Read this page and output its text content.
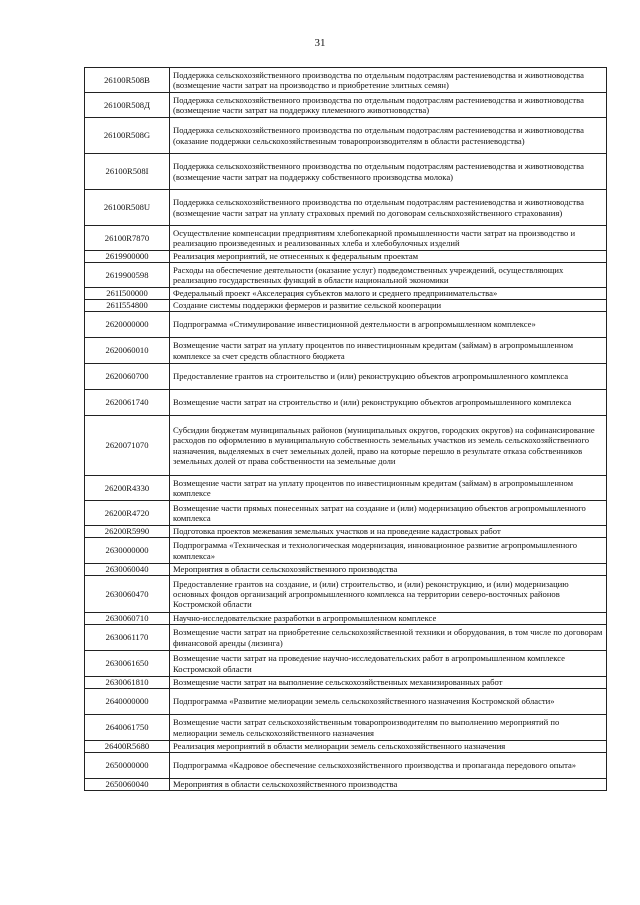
31
26100R508В	Поддержка сельскохозяйственного производства по отдельным подотраслям растениеводства и животноводства (возмещение части затрат на производство и приобретение элитных семян)
26100R508Д	Поддержка сельскохозяйственного производства по отдельным подотраслям растениеводства и животноводства (возмещение части затрат на поддержку племенного животноводства)
26100R508G	Поддержка сельскохозяйственного производства по отдельным подотраслям растениеводства и животноводства (оказание поддержки сельскохозяйственным товаропроизводителям в области растениеводства)
26100R508I	Поддержка сельскохозяйственного производства по отдельным подотраслям растениеводства и животноводства (возмещение части затрат на поддержку собственного производства молока)
26100R508U	Поддержка сельскохозяйственного производства по отдельным подотраслям растениеводства и животноводства (возмещение части затрат на уплату страховых премий по договорам сельскохозяйственного страхования)
26100R7870	Осуществление компенсации предприятиям хлебопекарной промышленности части затрат на производство и реализацию произведенных и реализованных хлеба и хлебобулочных изделий
2619900000	Реализация мероприятий, не отнесенных к федеральным проектам
2619900598	Расходы на обеспечение деятельности (оказание услуг) подведомственных учреждений, осуществляющих реализацию государственных функций в области национальной экономики
261I500000	Федеральный проект «Акселерация субъектов малого и среднего предпринимательства»
261I554800	Создание системы поддержки фермеров и развитие сельской кооперации
2620000000	Подпрограмма «Стимулирование инвестиционной деятельности в агропромышленном комплексе»
2620060010	Возмещение части затрат на уплату процентов по инвестиционным кредитам (займам) в агропромышленном комплексе за счет средств областного бюджета
2620060700	Предоставление грантов на строительство и (или) реконструкцию объектов агропромышленного комплекса
2620061740	Возмещение части затрат на строительство и (или) реконструкцию объектов агропромышленного комплекса
2620071070	Субсидии бюджетам муниципальных районов (муниципальных округов, городских округов) на софинансирование расходов по оформлению в муниципальную собственность земельных участков из земель сельскохозяйственного назначения, выделяемых в счет земельных долей, право на которые перешло в результате отказа собственников земельных долей от права собственности на земельные доли
26200R4330	Возмещение части затрат на уплату процентов по инвестиционным кредитам (займам) в агропромышленном комплексе
26200R4720	Возмещение части прямых понесенных затрат на создание и (или) модернизацию объектов агропромышленного комплекса
26200R5990	Подготовка проектов межевания земельных участков и на проведение кадастровых работ
2630000000	Подпрограмма «Техническая и технологическая модернизация, инновационное развитие агропромышленного комплекса»
2630060040	Мероприятия в области сельскохозяйственного производства
2630060470	Предоставление грантов на создание, и (или) строительство, и (или) реконструкцию, и (или) модернизацию основных фондов организаций агропромышленного комплекса на территории северо-восточных районов Костромской области
2630060710	Научно-исследовательские разработки в агропромышленном комплексе
2630061170	Возмещение части затрат на приобретение сельскохозяйственной техники и оборудования, в том числе по договорам финансовой аренды (лизинга)
2630061650	Возмещение части затрат на проведение научно-исследовательских работ в агропромышленном комплексе Костромской области
2630061810	Возмещение части затрат на выполнение сельскохозяйственных механизированных работ
2640000000	Подпрограмма «Развитие мелиорации земель сельскохозяйственного назначения Костромской области»
2640061750	Возмещение части затрат сельскохозяйственным товаропроизводителям по выполнению мероприятий по мелиорации земель сельскохозяйственного назначения
26400R5680	Реализация мероприятий в области мелиорации земель сельскохозяйственного назначения
2650000000	Подпрограмма «Кадровое обеспечение сельскохозяйственного производства и пропаганда передового опыта»
2650060040	Мероприятия в области сельскохозяйственного производства
